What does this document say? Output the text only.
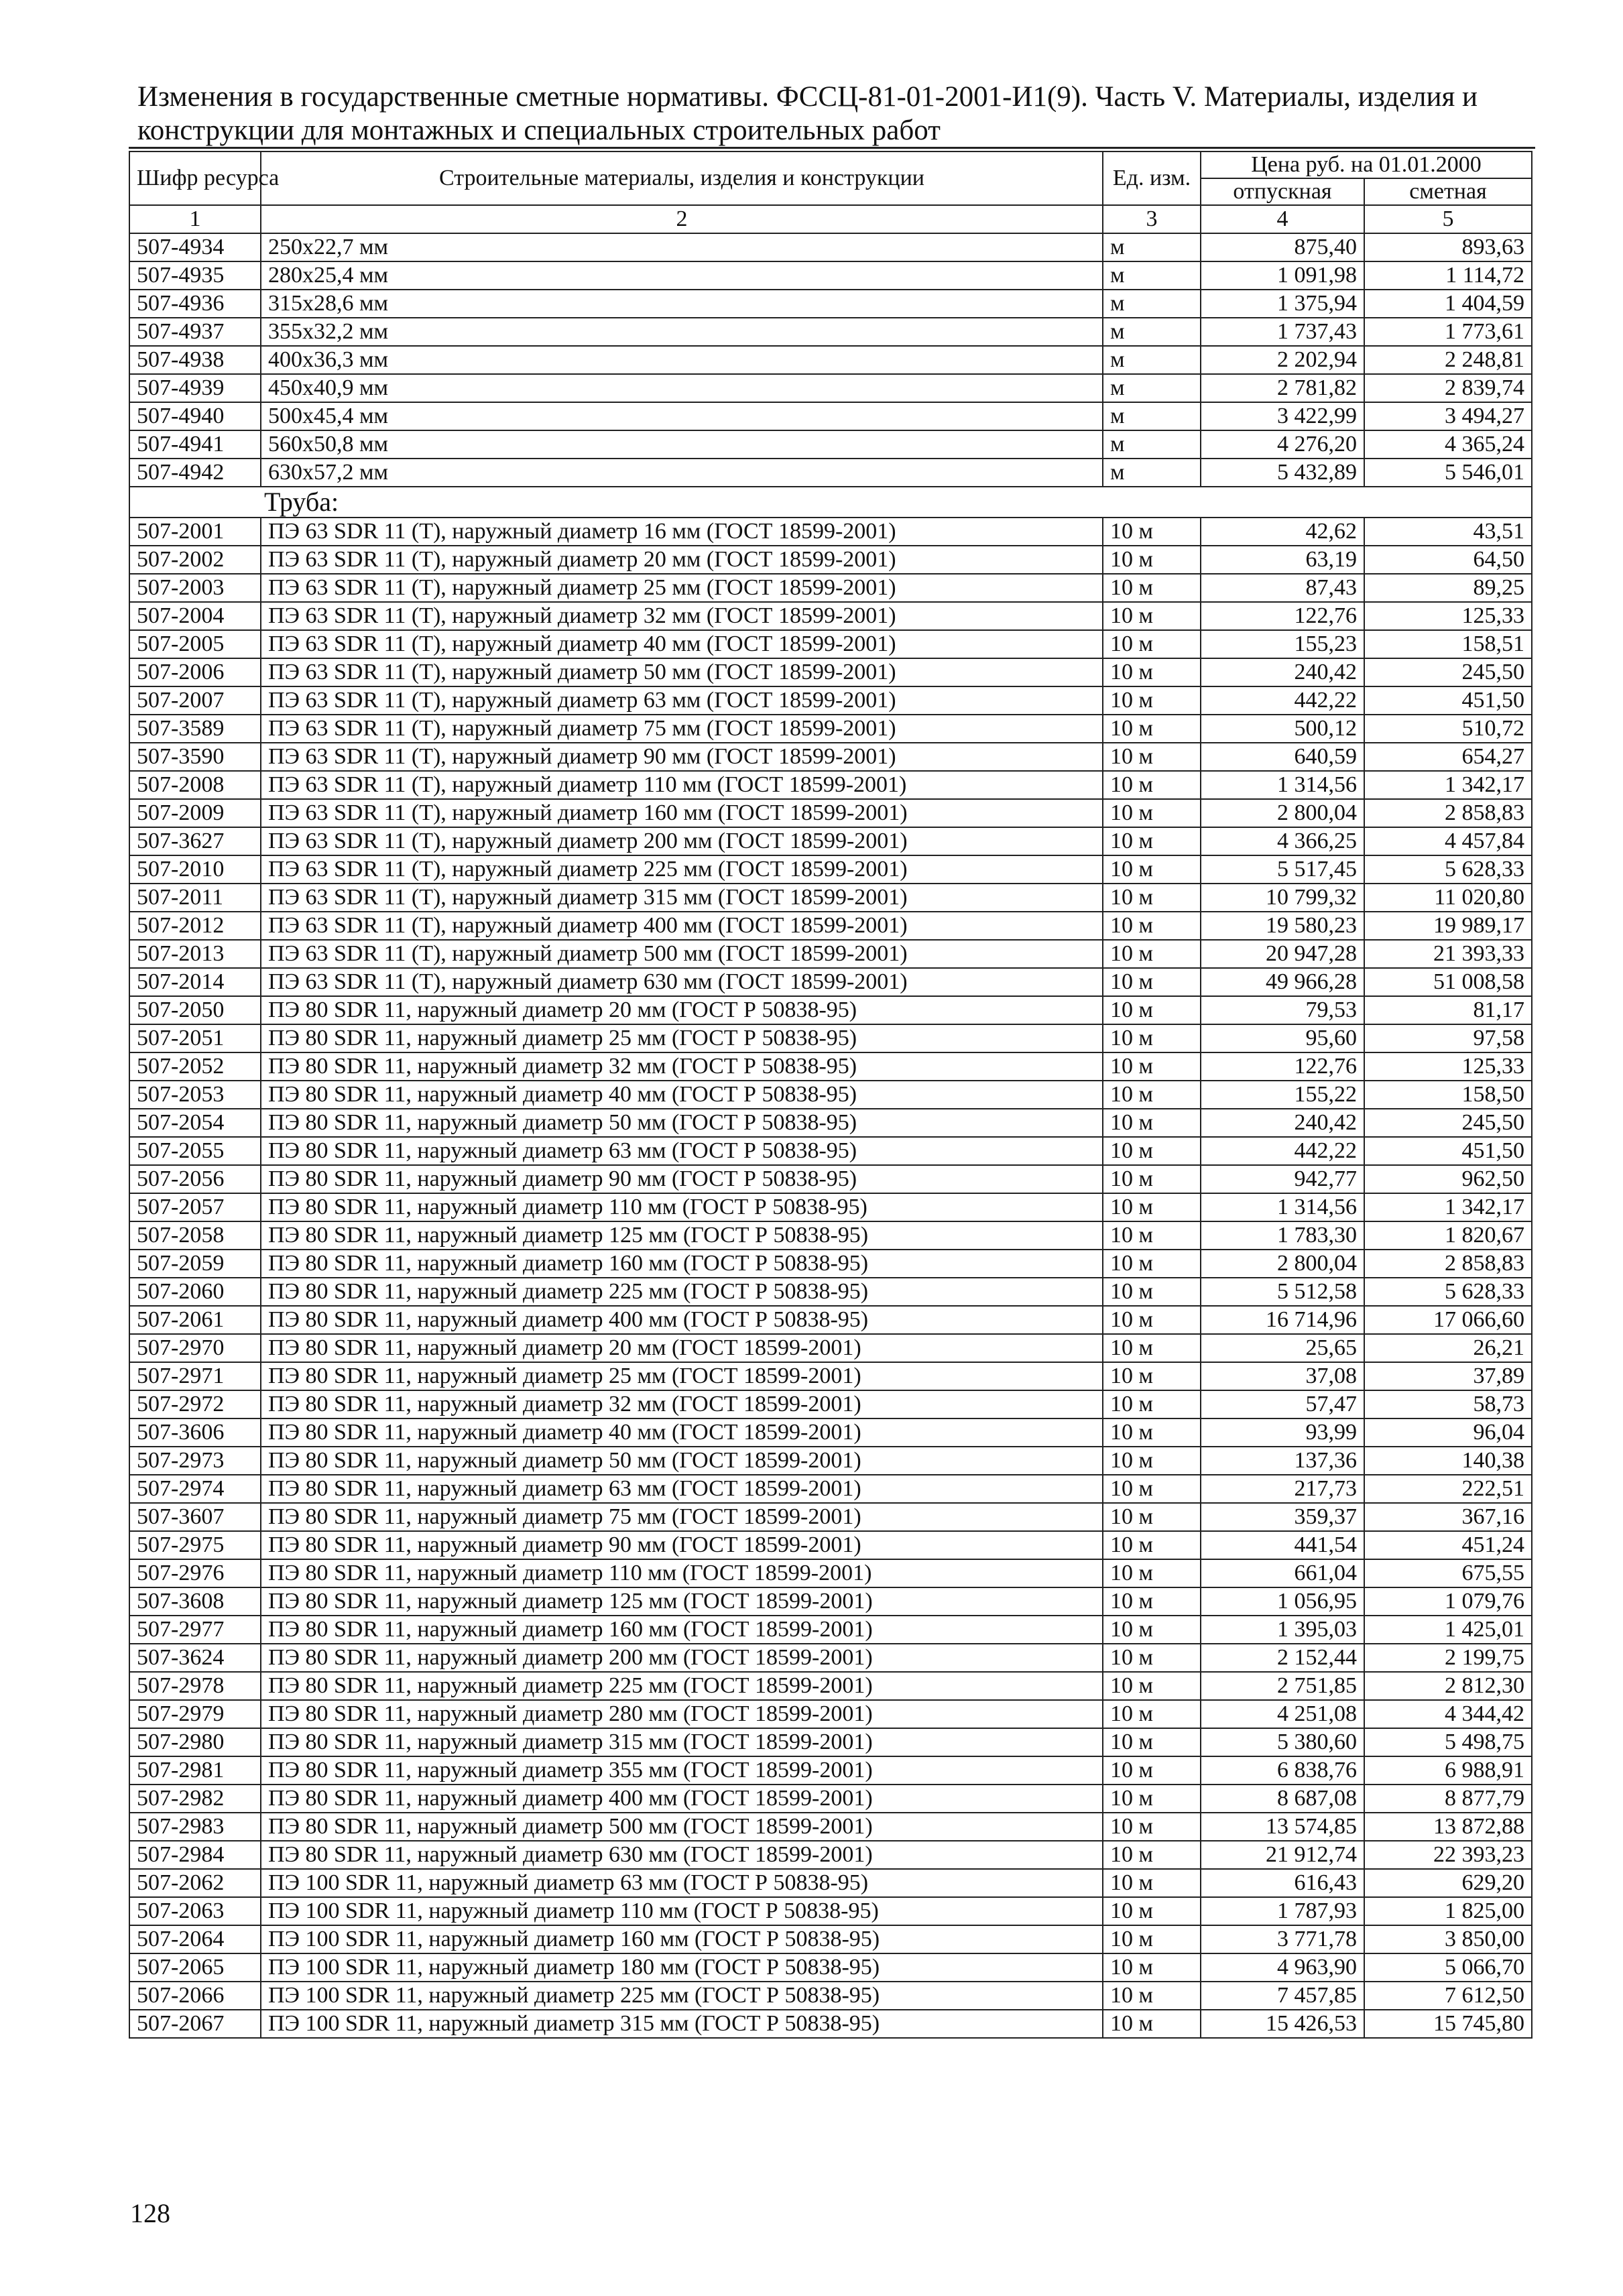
Изменения в государственные сметные нормативы. ФССЦ-81-01-2001-И1(9). Часть V. Материалы, изделия и конструкции для монтажных и специальных строительных работ
Шифр ресурса	Строительные материалы, изделия и конструкции	Ед. изм.	Цена руб. на 01.01.2000	
			отпускная	сметная
1	2	3	4	5
507-4934	250х22,7 мм	м	875,40	893,63
507-4935	280х25,4 мм	м	1 091,98	1 114,72
507-4936	315х28,6 мм	м	1 375,94	1 404,59
507-4937	355х32,2 мм	м	1 737,43	1 773,61
507-4938	400х36,3 мм	м	2 202,94	2 248,81
507-4939	450х40,9 мм	м	2 781,82	2 839,74
507-4940	500х45,4 мм	м	3 422,99	3 494,27
507-4941	560х50,8 мм	м	4 276,20	4 365,24
507-4942	630х57,2 мм	м	5 432,89	5 546,01
Труба:				
507-2001	ПЭ 63 SDR 11 (Т), наружный диаметр 16 мм (ГОСТ 18599-2001)	10 м	42,62	43,51
507-2002	ПЭ 63 SDR 11 (Т), наружный диаметр 20 мм (ГОСТ 18599-2001)	10 м	63,19	64,50
507-2003	ПЭ 63 SDR 11 (Т), наружный диаметр 25 мм (ГОСТ 18599-2001)	10 м	87,43	89,25
507-2004	ПЭ 63 SDR 11 (Т), наружный диаметр 32 мм (ГОСТ 18599-2001)	10 м	122,76	125,33
507-2005	ПЭ 63 SDR 11 (Т), наружный диаметр 40 мм (ГОСТ 18599-2001)	10 м	155,23	158,51
507-2006	ПЭ 63 SDR 11 (Т), наружный диаметр 50 мм (ГОСТ 18599-2001)	10 м	240,42	245,50
507-2007	ПЭ 63 SDR 11 (Т), наружный диаметр 63 мм (ГОСТ 18599-2001)	10 м	442,22	451,50
507-3589	ПЭ 63 SDR 11 (Т), наружный диаметр 75 мм (ГОСТ 18599-2001)	10 м	500,12	510,72
507-3590	ПЭ 63 SDR 11 (Т), наружный диаметр 90 мм (ГОСТ 18599-2001)	10 м	640,59	654,27
507-2008	ПЭ 63 SDR 11 (Т), наружный диаметр 110 мм (ГОСТ 18599-2001)	10 м	1 314,56	1 342,17
507-2009	ПЭ 63 SDR 11 (Т), наружный диаметр 160 мм (ГОСТ 18599-2001)	10 м	2 800,04	2 858,83
507-3627	ПЭ 63 SDR 11 (Т), наружный диаметр 200 мм (ГОСТ 18599-2001)	10 м	4 366,25	4 457,84
507-2010	ПЭ 63 SDR 11 (Т), наружный диаметр 225 мм (ГОСТ 18599-2001)	10 м	5 517,45	5 628,33
507-2011	ПЭ 63 SDR 11 (Т), наружный диаметр 315 мм (ГОСТ 18599-2001)	10 м	10 799,32	11 020,80
507-2012	ПЭ 63 SDR 11 (Т), наружный диаметр 400 мм (ГОСТ 18599-2001)	10 м	19 580,23	19 989,17
507-2013	ПЭ 63 SDR 11 (Т), наружный диаметр 500 мм (ГОСТ 18599-2001)	10 м	20 947,28	21 393,33
507-2014	ПЭ 63 SDR 11 (Т), наружный диаметр 630 мм (ГОСТ 18599-2001)	10 м	49 966,28	51 008,58
507-2050	ПЭ 80 SDR 11, наружный диаметр 20 мм (ГОСТ Р 50838-95)	10 м	79,53	81,17
507-2051	ПЭ 80 SDR 11, наружный диаметр 25 мм (ГОСТ Р 50838-95)	10 м	95,60	97,58
507-2052	ПЭ 80 SDR 11, наружный диаметр 32 мм (ГОСТ Р 50838-95)	10 м	122,76	125,33
507-2053	ПЭ 80 SDR 11, наружный диаметр 40 мм (ГОСТ Р 50838-95)	10 м	155,22	158,50
507-2054	ПЭ 80 SDR 11, наружный диаметр 50 мм (ГОСТ Р 50838-95)	10 м	240,42	245,50
507-2055	ПЭ 80 SDR 11, наружный диаметр 63 мм (ГОСТ Р 50838-95)	10 м	442,22	451,50
507-2056	ПЭ 80 SDR 11, наружный диаметр 90 мм (ГОСТ Р 50838-95)	10 м	942,77	962,50
507-2057	ПЭ 80 SDR 11, наружный диаметр 110 мм (ГОСТ Р 50838-95)	10 м	1 314,56	1 342,17
507-2058	ПЭ 80 SDR 11, наружный диаметр 125 мм (ГОСТ Р 50838-95)	10 м	1 783,30	1 820,67
507-2059	ПЭ 80 SDR 11, наружный диаметр 160 мм (ГОСТ Р 50838-95)	10 м	2 800,04	2 858,83
507-2060	ПЭ 80 SDR 11, наружный диаметр 225 мм (ГОСТ Р 50838-95)	10 м	5 512,58	5 628,33
507-2061	ПЭ 80 SDR 11, наружный диаметр 400 мм (ГОСТ Р 50838-95)	10 м	16 714,96	17 066,60
507-2970	ПЭ 80 SDR 11, наружный диаметр 20 мм (ГОСТ 18599-2001)	10 м	25,65	26,21
507-2971	ПЭ 80 SDR 11, наружный диаметр 25 мм (ГОСТ 18599-2001)	10 м	37,08	37,89
507-2972	ПЭ 80 SDR 11, наружный диаметр 32 мм (ГОСТ 18599-2001)	10 м	57,47	58,73
507-3606	ПЭ 80 SDR 11, наружный диаметр 40 мм (ГОСТ 18599-2001)	10 м	93,99	96,04
507-2973	ПЭ 80 SDR 11, наружный диаметр 50 мм (ГОСТ 18599-2001)	10 м	137,36	140,38
507-2974	ПЭ 80 SDR 11, наружный диаметр 63 мм (ГОСТ 18599-2001)	10 м	217,73	222,51
507-3607	ПЭ 80 SDR 11, наружный диаметр 75 мм (ГОСТ 18599-2001)	10 м	359,37	367,16
507-2975	ПЭ 80 SDR 11, наружный диаметр 90 мм (ГОСТ 18599-2001)	10 м	441,54	451,24
507-2976	ПЭ 80 SDR 11, наружный диаметр 110 мм (ГОСТ 18599-2001)	10 м	661,04	675,55
507-3608	ПЭ 80 SDR 11, наружный диаметр 125 мм (ГОСТ 18599-2001)	10 м	1 056,95	1 079,76
507-2977	ПЭ 80 SDR 11, наружный диаметр 160 мм (ГОСТ 18599-2001)	10 м	1 395,03	1 425,01
507-3624	ПЭ 80 SDR 11, наружный диаметр 200 мм (ГОСТ 18599-2001)	10 м	2 152,44	2 199,75
507-2978	ПЭ 80 SDR 11, наружный диаметр 225 мм (ГОСТ 18599-2001)	10 м	2 751,85	2 812,30
507-2979	ПЭ 80 SDR 11, наружный диаметр 280 мм (ГОСТ 18599-2001)	10 м	4 251,08	4 344,42
507-2980	ПЭ 80 SDR 11, наружный диаметр 315 мм (ГОСТ 18599-2001)	10 м	5 380,60	5 498,75
507-2981	ПЭ 80 SDR 11, наружный диаметр 355 мм (ГОСТ 18599-2001)	10 м	6 838,76	6 988,91
507-2982	ПЭ 80 SDR 11, наружный диаметр 400 мм (ГОСТ 18599-2001)	10 м	8 687,08	8 877,79
507-2983	ПЭ 80 SDR 11, наружный диаметр 500 мм (ГОСТ 18599-2001)	10 м	13 574,85	13 872,88
507-2984	ПЭ 80 SDR 11, наружный диаметр 630 мм (ГОСТ 18599-2001)	10 м	21 912,74	22 393,23
507-2062	ПЭ 100 SDR 11, наружный диаметр 63 мм (ГОСТ Р 50838-95)	10 м	616,43	629,20
507-2063	ПЭ 100 SDR 11, наружный диаметр 110 мм (ГОСТ Р 50838-95)	10 м	1 787,93	1 825,00
507-2064	ПЭ 100 SDR 11, наружный диаметр 160 мм (ГОСТ Р 50838-95)	10 м	3 771,78	3 850,00
507-2065	ПЭ 100 SDR 11, наружный диаметр 180 мм (ГОСТ Р 50838-95)	10 м	4 963,90	5 066,70
507-2066	ПЭ 100 SDR 11, наружный диаметр 225 мм (ГОСТ Р 50838-95)	10 м	7 457,85	7 612,50
507-2067	ПЭ 100 SDR 11, наружный диаметр 315 мм (ГОСТ Р 50838-95)	10 м	15 426,53	15 745,80
128
